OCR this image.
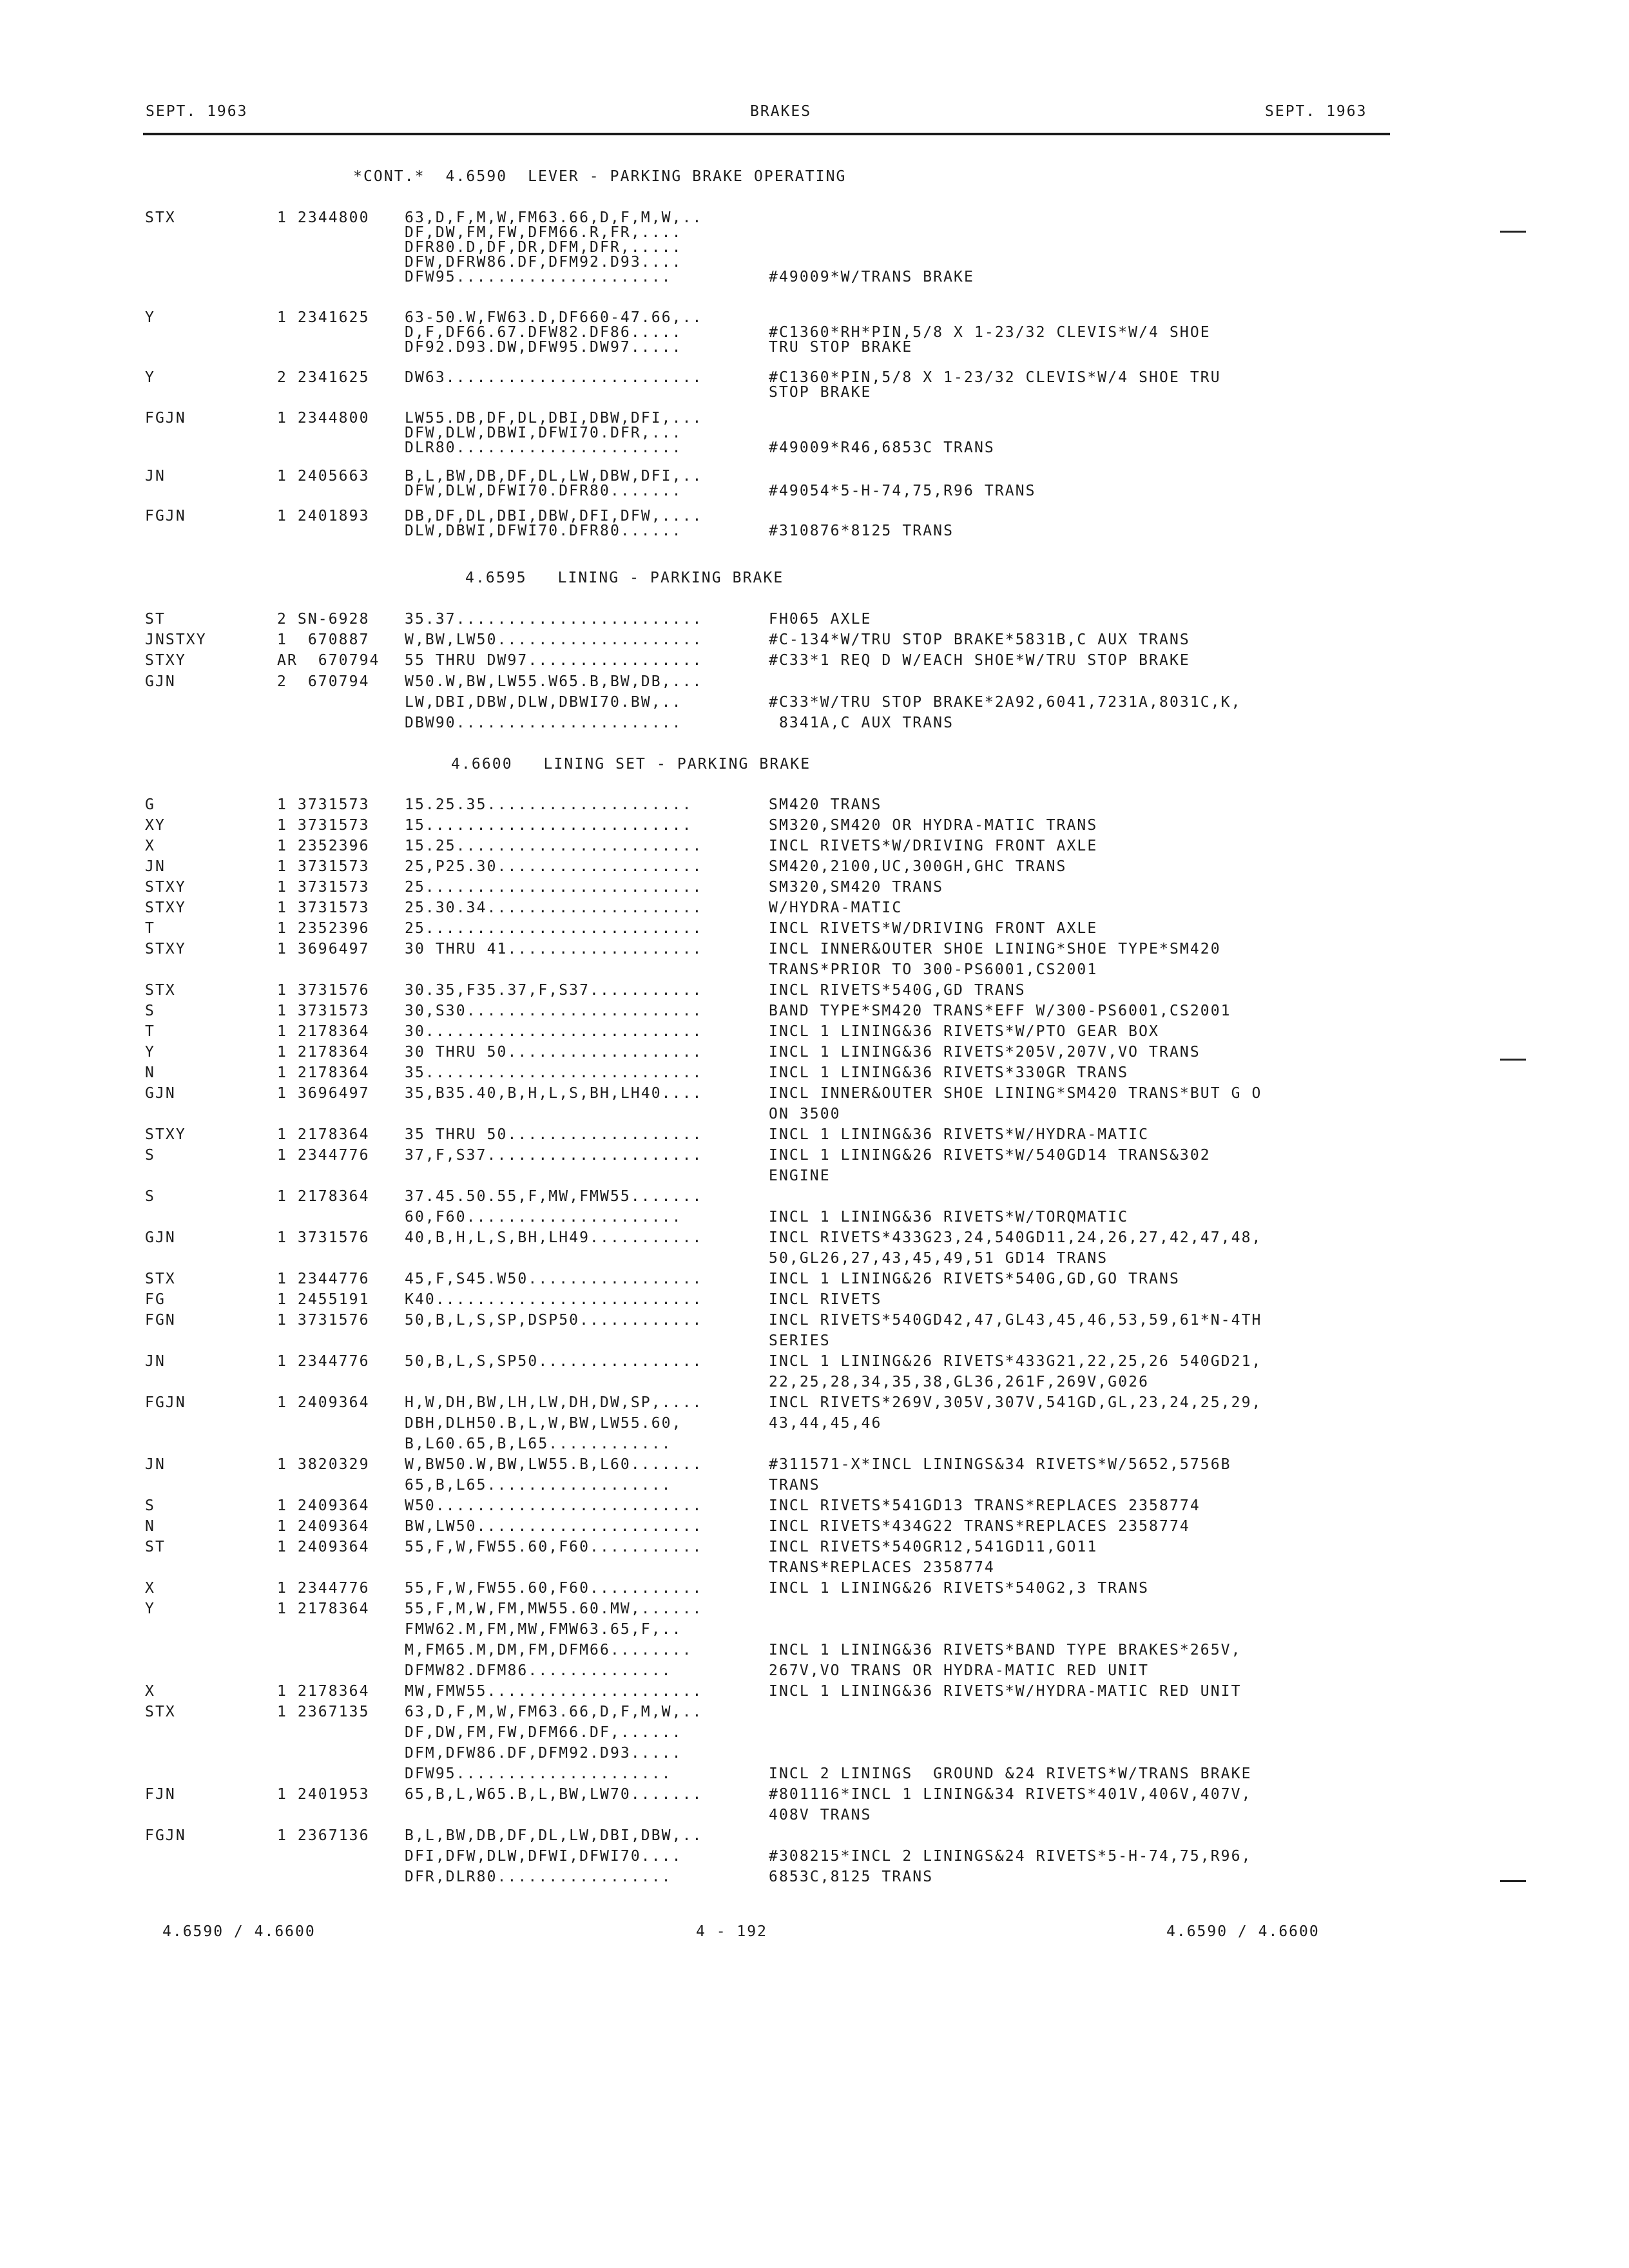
SEPT. 1963	BRAKES	SEPT. 1963
*CONT.*  4.6590  LEVER - PARKING BRAKE OPERATING
STX	1 2344800 63,D,F,M,W,FM63.66,D,F,M,W,..
DF,DW,FM,FW,DFM66.R,FR,....
DFR80.D,DF,DR,DFM,DFR,.....
DFW,DFRW86.DF,DFM92.D93....
DFW95.....................	#49009*W/TRANS BRAKE
Y	1 2341625 63-50.W,FW63.D,DF660-47.66,..
D,F,DF66.67.DFW82.DF86.....	#C1360*RH*PIN,5/8 X 1-23/32 CLEVIS*W/4 SHOE
DF92.D93.DW,DFW95.DW97.....	TRU STOP BRAKE
Y	2 2341625 DW63.........................	#C1360*PIN,5/8 X 1-23/32 CLEVIS*W/4 SHOE TRU
STOP BRAKE
FGJN	1 2344800 LW55.DB,DF,DL,DBI,DBW,DFI,...
DFW,DLW,DBWI,DFWI70.DFR,...
DLR80......................	#49009*R46,6853C TRANS
JN	1 2405663 B,L,BW,DB,DF,DL,LW,DBW,DFI,..
DFW,DLW,DFWI70.DFR80.......	#49054*5-H-74,75,R96 TRANS
FGJN	1 2401893 DB,DF,DL,DBI,DBW,DFI,DFW,....
DLW,DBWI,DFWI70.DFR80......	#310876*8125 TRANS
4.6595   LINING - PARKING BRAKE
ST	2 SN-6928 35.37........................	FH065 AXLE
JNSTXY	1  670887 W,BW,LW50....................	#C-134*W/TRU STOP BRAKE*5831B,C AUX TRANS
STXY	AR  670794 55 THRU DW97.................	#C33*1 REQ D W/EACH SHOE*W/TRU STOP BRAKE
GJN	2  670794 W50.W,BW,LW55.W65.B,BW,DB,...
LW,DBI,DBW,DLW,DBWI70.BW,..	#C33*W/TRU STOP BRAKE*2A92,6041,7231A,8031C,K,
DBW90......................	8341A,C AUX TRANS
4.6600   LINING SET - PARKING BRAKE
G	1 3731573 15.25.35....................	SM420 TRANS
XY	1 3731573 15..........................	SM320,SM420 OR HYDRA-MATIC TRANS
X	1 2352396 15.25........................	INCL RIVETS*W/DRIVING FRONT AXLE
JN	1 3731573 25,P25.30....................	SM420,2100,UC,300GH,GHC TRANS
STXY	1 3731573 25...........................	SM320,SM420 TRANS
STXY	1 3731573 25.30.34.....................	W/HYDRA-MATIC
T	1 2352396 25...........................	INCL RIVETS*W/DRIVING FRONT AXLE
STXY	1 3696497 30 THRU 41...................	INCL INNER&OUTER SHOE LINING*SHOE TYPE*SM420
TRANS*PRIOR TO 300-PS6001,CS2001
STX	1 3731576 30.35,F35.37,F,S37...........	INCL RIVETS*540G,GD TRANS
S	1 3731573 30,S30.......................	BAND TYPE*SM420 TRANS*EFF W/300-PS6001,CS2001
T	1 2178364 30...........................	INCL 1 LINING&36 RIVETS*W/PTO GEAR BOX
Y	1 2178364 30 THRU 50...................	INCL 1 LINING&36 RIVETS*205V,207V,VO TRANS
N	1 2178364 35...........................	INCL 1 LINING&36 RIVETS*330GR TRANS
GJN	1 3696497 35,B35.40,B,H,L,S,BH,LH40....	INCL INNER&OUTER SHOE LINING*SM420 TRANS*BUT G O
ON 3500
STXY	1 2178364 35 THRU 50...................	INCL 1 LINING&36 RIVETS*W/HYDRA-MATIC
S	1 2344776 37,F,S37.....................	INCL 1 LINING&26 RIVETS*W/540GD14 TRANS&302
ENGINE
S	1 2178364 37.45.50.55,F,MW,FMW55.......
60,F60.....................	INCL 1 LINING&36 RIVETS*W/TORQMATIC
GJN	1 3731576 40,B,H,L,S,BH,LH49...........	INCL RIVETS*433G23,24,540GD11,24,26,27,42,47,48,
50,GL26,27,43,45,49,51 GD14 TRANS
STX	1 2344776 45,F,S45.W50.................	INCL 1 LINING&26 RIVETS*540G,GD,GO TRANS
FG	1 2455191 K40..........................	INCL RIVETS
FGN	1 3731576 50,B,L,S,SP,DSP50............	INCL RIVETS*540GD42,47,GL43,45,46,53,59,61*N-4TH
SERIES
JN	1 2344776 50,B,L,S,SP50................	INCL 1 LINING&26 RIVETS*433G21,22,25,26 540GD21,
22,25,28,34,35,38,GL36,261F,269V,G026
FGJN	1 2409364 H,W,DH,BW,LH,LW,DH,DW,SP,....	INCL RIVETS*269V,305V,307V,541GD,GL,23,24,25,29,
DBH,DLH50.B,L,W,BW,LW55.60,	43,44,45,46
B,L60.65,B,L65............
JN	1 3820329 W,BW50.W,BW,LW55.B,L60.......	#311571-X*INCL LININGS&34 RIVETS*W/5652,5756B
65,B,L65..................	TRANS
S	1 2409364 W50..........................	INCL RIVETS*541GD13 TRANS*REPLACES 2358774
N	1 2409364 BW,LW50......................	INCL RIVETS*434G22 TRANS*REPLACES 2358774
ST	1 2409364 55,F,W,FW55.60,F60...........	INCL RIVETS*540GR12,541GD11,GO11
TRANS*REPLACES 2358774
X	1 2344776 55,F,W,FW55.60,F60...........	INCL 1 LINING&26 RIVETS*540G2,3 TRANS
Y	1 2178364 55,F,M,W,FM,MW55.60.MW,......
FMW62.M,FM,MW,FMW63.65,F,..
M,FM65.M,DM,FM,DFM66........	INCL 1 LINING&36 RIVETS*BAND TYPE BRAKES*265V,
DFMW82.DFM86..............	267V,VO TRANS OR HYDRA-MATIC RED UNIT
X	1 2178364 MW,FMW55.....................	INCL 1 LINING&36 RIVETS*W/HYDRA-MATIC RED UNIT
STX	1 2367135 63,D,F,M,W,FM63.66,D,F,M,W,..
DF,DW,FM,FW,DFM66.DF,......
DFM,DFW86.DF,DFM92.D93.....
DFW95.....................	INCL 2 LININGS  GROUND &24 RIVETS*W/TRANS BRAKE
FJN	1 2401953 65,B,L,W65.B,L,BW,LW70.......	#801116*INCL 1 LINING&34 RIVETS*401V,406V,407V,
408V TRANS
FGJN	1 2367136 B,L,BW,DB,DF,DL,LW,DBI,DBW,..
DFI,DFW,DLW,DFWI,DFWI70....	#308215*INCL 2 LININGS&24 RIVETS*5-H-74,75,R96,
DFR,DLR80.................	6853C,8125 TRANS
4.6590 / 4.6600	4 - 192	4.6590 / 4.6600
